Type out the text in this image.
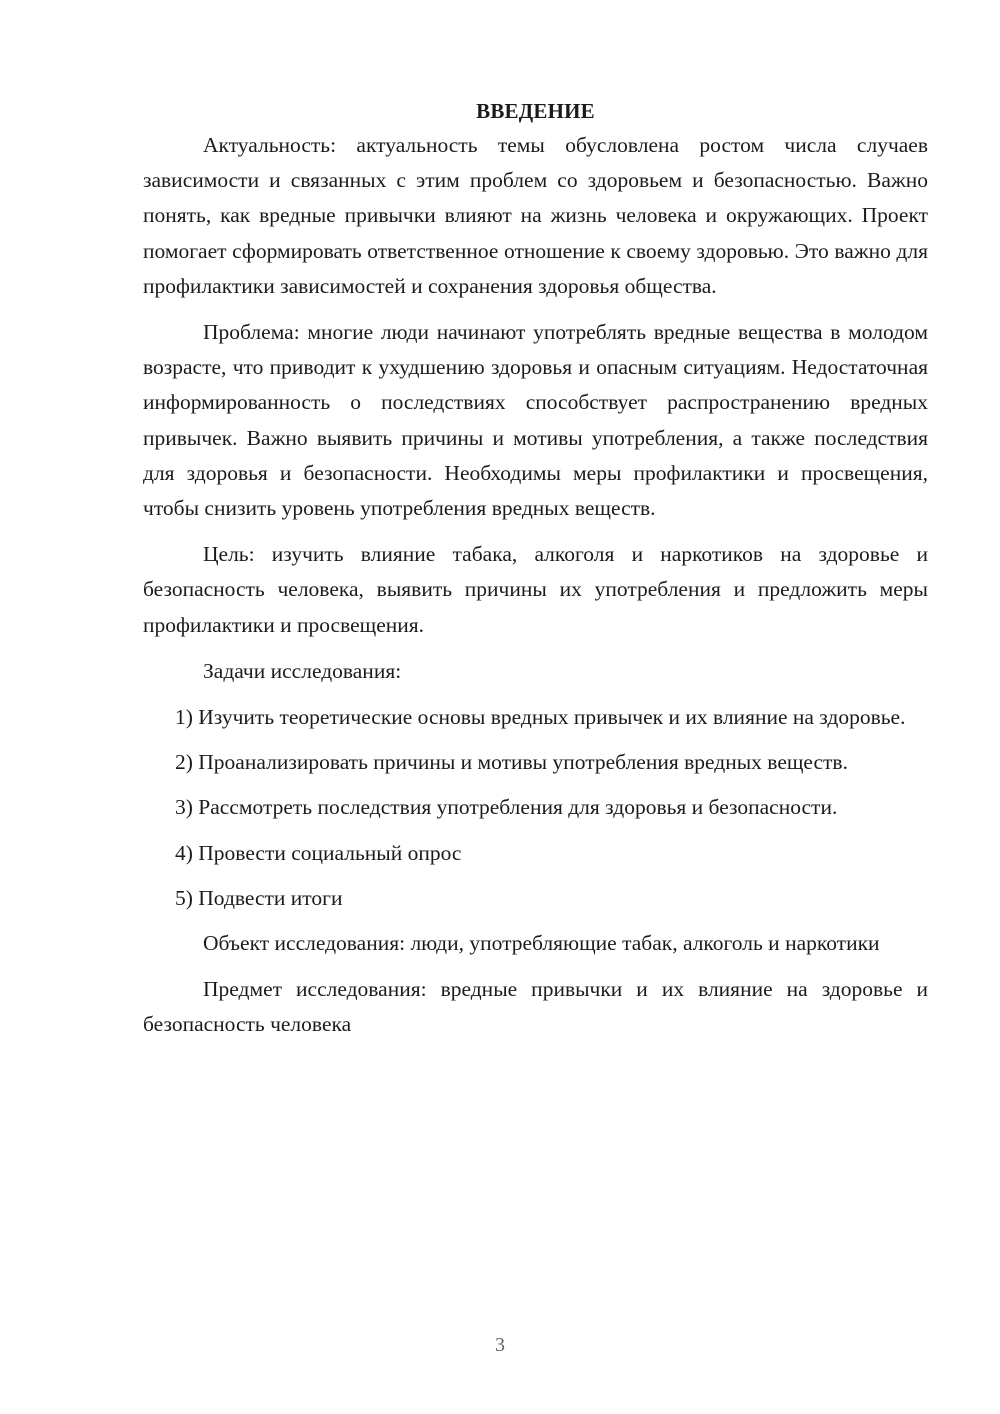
ВВЕДЕНИЕ

Актуальность: актуальность темы обусловлена ростом числа случаев зависимости и связанных с этим проблем со здоровьем и безопасностью. Важно понять, как вредные привычки влияют на жизнь человека и окружающих. Проект помогает сформировать ответственное отношение к своему здоровью. Это важно для профилактики зависимостей и сохранения здоровья общества.

Проблема: многие люди начинают употреблять вредные вещества в молодом возрасте, что приводит к ухудшению здоровья и опасным ситуациям. Недостаточная информированность о последствиях способствует распространению вредных привычек. Важно выявить причины и мотивы употребления, а также последствия для здоровья и безопасности. Необходимы меры профилактики и просвещения, чтобы снизить уровень употребления вредных веществ.

Цель: изучить влияние табака, алкоголя и наркотиков на здоровье и безопасность человека, выявить причины их употребления и предложить меры профилактики и просвещения.

Задачи исследования:

1) Изучить теоретические основы вредных привычек и их влияние на здоровье.

2) Проанализировать причины и мотивы употребления вредных веществ.

3) Рассмотреть последствия употребления для здоровья и безопасности.

4) Провести социальный опрос

5) Подвести итоги

Объект исследования: люди, употребляющие табак, алкоголь и наркотики

Предмет исследования: вредные привычки и их влияние на здоровье и безопасность человека

3
